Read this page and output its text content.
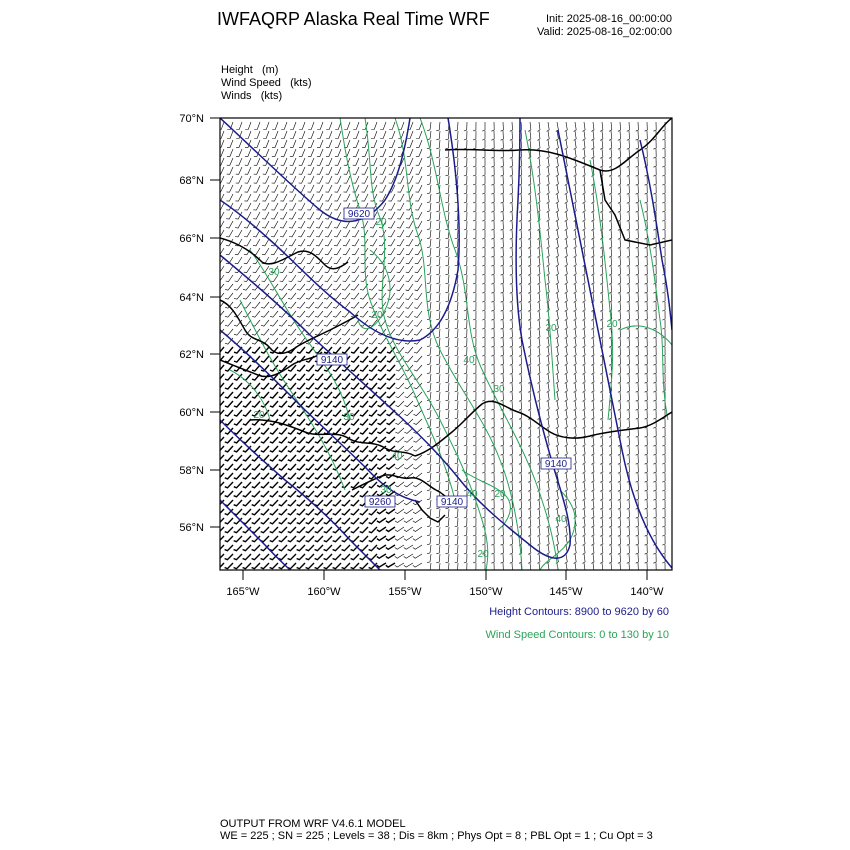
IWFAQRP Alaska Real Time WRF	Init: 2025-08-16_00:00:00
Valid: 2025-08-16_02:00:00
Height   (m)
Wind Speed   (kts)
Winds   (kts)
70°N
68°N
66°N
64°N
62°N
60°N
58°N
56°N
165°W	160°W	155°W	150°W	145°W	140°W
9620
9140
9140
9260	9140
20
30
20
30	20
40
30
20	30
40
40 20
40
30
20
Height Contours: 8900 to 9620 by 60
Wind Speed Contours: 0 to 130 by 10
OUTPUT FROM WRF V4.6.1 MODEL
WE = 225 ; SN = 225 ; Levels = 38 ; Dis = 8km ; Phys Opt = 8 ; PBL Opt = 1 ; Cu Opt = 3
